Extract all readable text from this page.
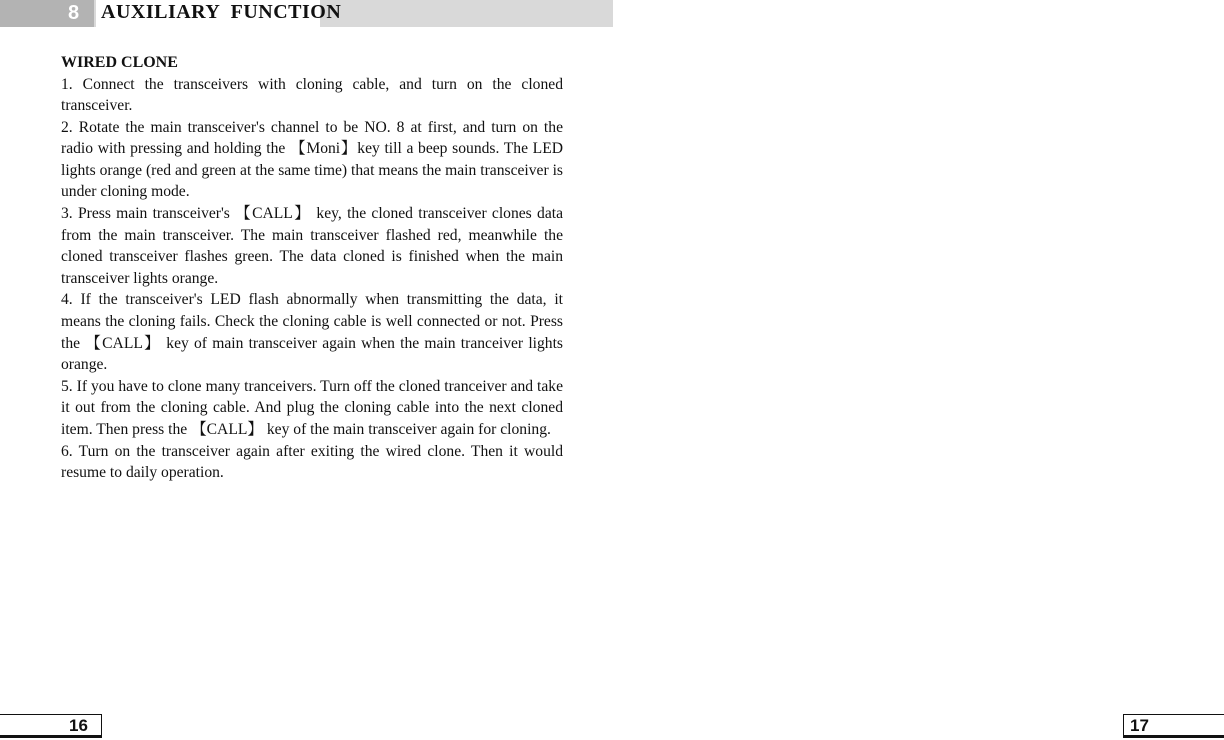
8 AUXILIARY  FUNCTION

WIRED CLONE

1. Connect the transceivers with cloning cable, and turn on the cloned transceiver.

2. Rotate the main transceiver's channel to be NO. 8 at first, and turn on the radio with pressing and holding the 【Moni】key till a beep sounds. The LED lights orange (red and green at the same time) that means the main transceiver is under cloning mode.

3. Press main transceiver's 【CALL】 key, the cloned transceiver clones data from the main transceiver. The main transceiver flashed red, meanwhile the cloned transceiver flashes green. The data cloned is finished when the main transceiver lights orange.

4. If the transceiver's LED flash abnormally when transmitting the data, it means the cloning fails. Check the cloning cable is well connected or not. Press the 【CALL】 key of main transceiver again when the main tranceiver lights orange.

5. If you have to clone many tranceivers. Turn off the cloned tranceiver and take it out from the cloning cable. And plug the cloning cable into the next cloned item. Then press the 【CALL】 key of the main transceiver again for cloning.

6. Turn on the transceiver again after exiting the wired clone. Then it would resume to daily operation.

16	17
